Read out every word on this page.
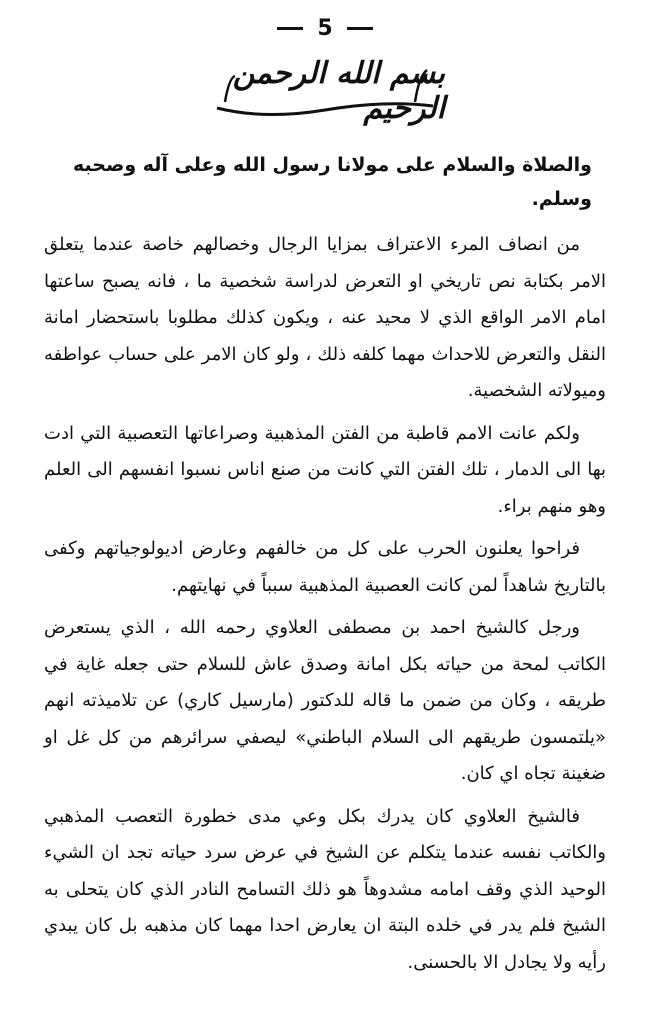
5
بسم الله الرحمن الرحيم
والصلاة والسلام على مولانا رسول الله وعلى آله وصحبه وسلم.

من انصاف المرء الاعتراف بمزايا الرجال وخصالهم خاصة عندما يتعلق الامر بكتابة نص تاريخي او التعرض لدراسة شخصية ما ، فانه يصبح ساعتها امام الامر الواقع الذي لا محيد عنه ، ويكون كذلك مطلوبا باستحضار امانة النقل والتعرض للاحداث مهما كلفه ذلك ، ولو كان الامر على حساب عواطفه وميولاته الشخصية.

ولكم عانت الامم قاطبة من الفتن المذهبية وصراعاتها التعصبية التي ادت بها الى الدمار ، تلك الفتن التي كانت من صنع اناس نسبوا انفسهم الى العلم وهو منهم براء.

فراحوا يعلنون الحرب على كل من خالفهم وعارض اديولوجياتهم وكفى بالتاريخ شاهداً لمن كانت العصبية المذهبية سبباً في نهايتهم.

ورجل كالشيخ احمد بن مصطفى العلاوي رحمه الله ، الذي يستعرض الكاتب لمحة من حياته بكل امانة وصدق عاش للسلام حتى جعله غاية في طريقه ، وكان من ضمن ما قاله للدكتور (مارسيل كاري) عن تلاميذته انهم «يلتمسون طريقهم الى السلام الباطني» ليصفي سرائرهم من كل غل او ضغينة تجاه اي كان.

فالشيخ العلاوي كان يدرك بكل وعي مدى خطورة التعصب المذهبي والكاتب نفسه عندما يتكلم عن الشيخ في عرض سرد حياته تجد ان الشيء الوحيد الذي وقف امامه مشدوهاً هو ذلك التسامح النادر الذي كان يتحلى به الشيخ فلم يدر في خلده البتة ان يعارض احدا مهما كان مذهبه بل كان يبدي رأيه ولا يجادل الا بالحسنى.
